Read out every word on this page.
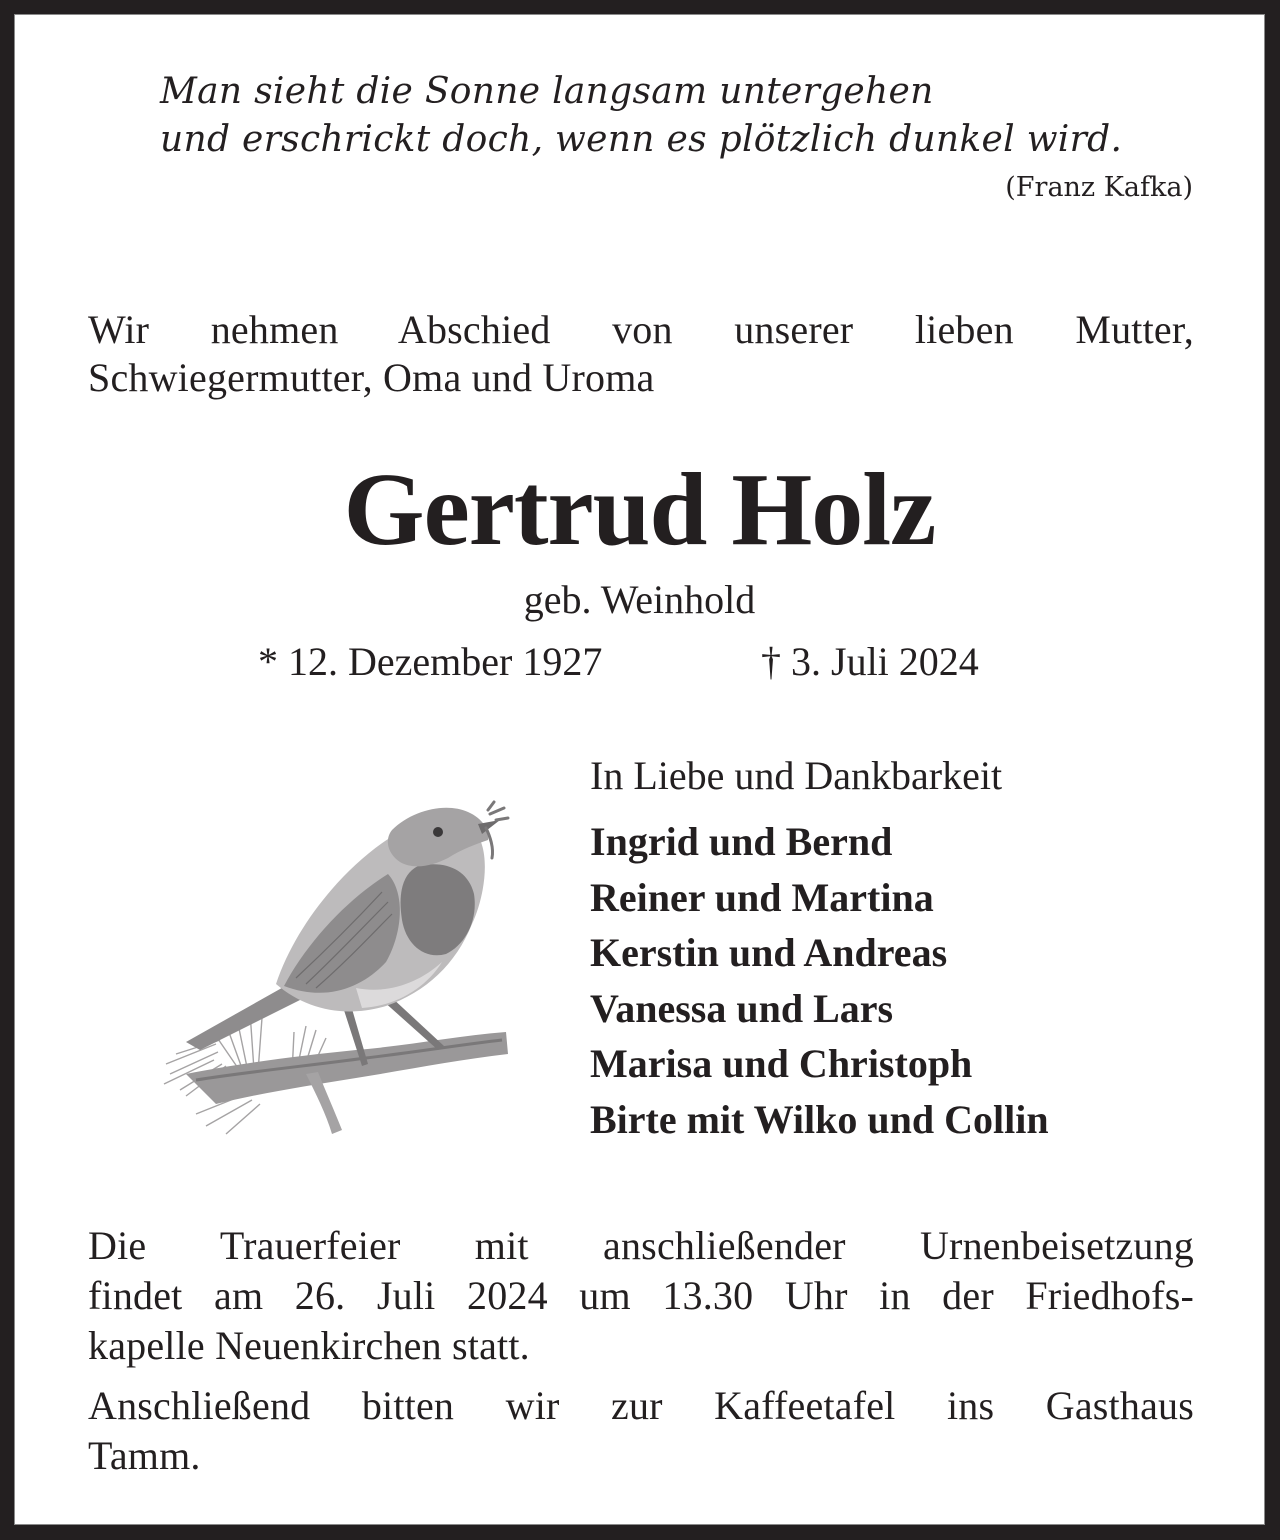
Man sieht die Sonne langsam untergehen
und erschrickt doch, wenn es plötzlich dunkel wird.
(Franz Kafka)
Wir nehmen Abschied von unserer lieben Mutter,
Schwiegermutter, Oma und Uroma
Gertrud Holz
geb. Weinhold
* 12. Dezember 1927	† 3. Juli 2024
In Liebe und Dankbarkeit
Ingrid und Bernd
Reiner und Martina
Kerstin und Andreas
Vanessa und Lars
Marisa und Christoph
Birte mit Wilko und Collin
Die Trauerfeier mit anschließender Urnenbeisetzung
findet am 26. Juli 2024 um 13.30 Uhr in der Friedhofs-
kapelle Neuenkirchen statt.
Anschließend bitten wir zur Kaffeetafel ins Gasthaus
Tamm.
